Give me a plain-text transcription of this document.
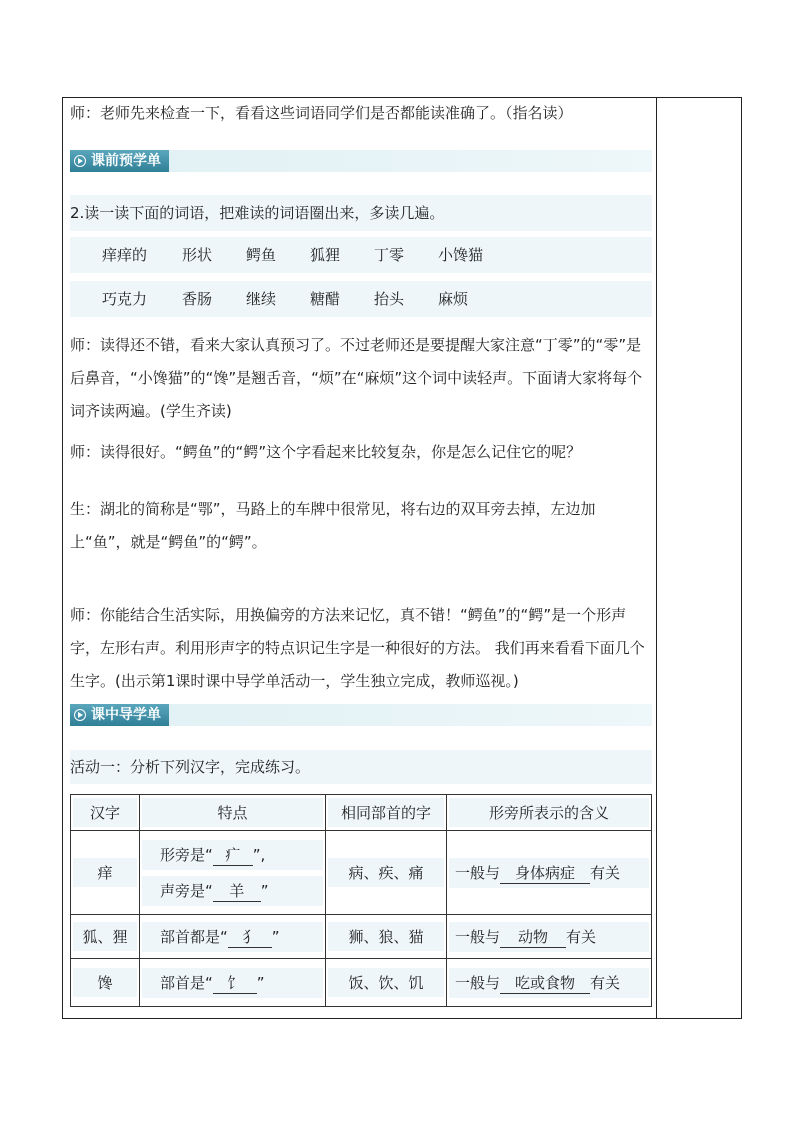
师：老师先来检查一下，看看这些词语同学们是否都能读准确了。（指名读）
课前预学单
2.读一读下面的词语，把难读的词语圈出来，多读几遍。
痒痒的 形状 鳄鱼 狐狸 丁零 小馋猫
巧克力 香肠 继续 糖醋 抬头 麻烦
师：读得还不错，看来大家认真预习了。不过老师还是要提醒大家注意“丁零”的“零”是后鼻音，“小馋猫”的“馋”是翘舌音，“烦”在“麻烦”这个词中读轻声。下面请大家将每个词齐读两遍。(学生齐读)
师：读得很好。“鳄鱼”的“鳄”这个字看起来比较复杂，你是怎么记住它的呢？
生：湖北的简称是“鄂”，马路上的车牌中很常见，将右边的双耳旁去掉，左边加上“鱼”，就是“鳄鱼”的“鳄”。
师：你能结合生活实际，用换偏旁的方法来记忆，真不错！“鳄鱼”的“鳄”是一个形声字，左形右声。利用形声字的特点识记生字是一种很好的方法。 我们再来看看下面几个生字。(出示第1课时课中导学单活动一，学生独立完成，教师巡视。)
课中导学单
活动一：分析下列汉字，完成练习。
汉字	特点	相同部首的字	形旁所表示的含义

痒	形旁是“ 疒 ”,
声旁是“ 羊 ”	病、疾、痛	一般与 身体病症 有关

狐、狸	部首都是“ 犭 ”	狮、狼、猫	一般与 动物 有关

馋	部首是“ 饣 ”	饭、饮、饥	一般与 吃或食物 有关
